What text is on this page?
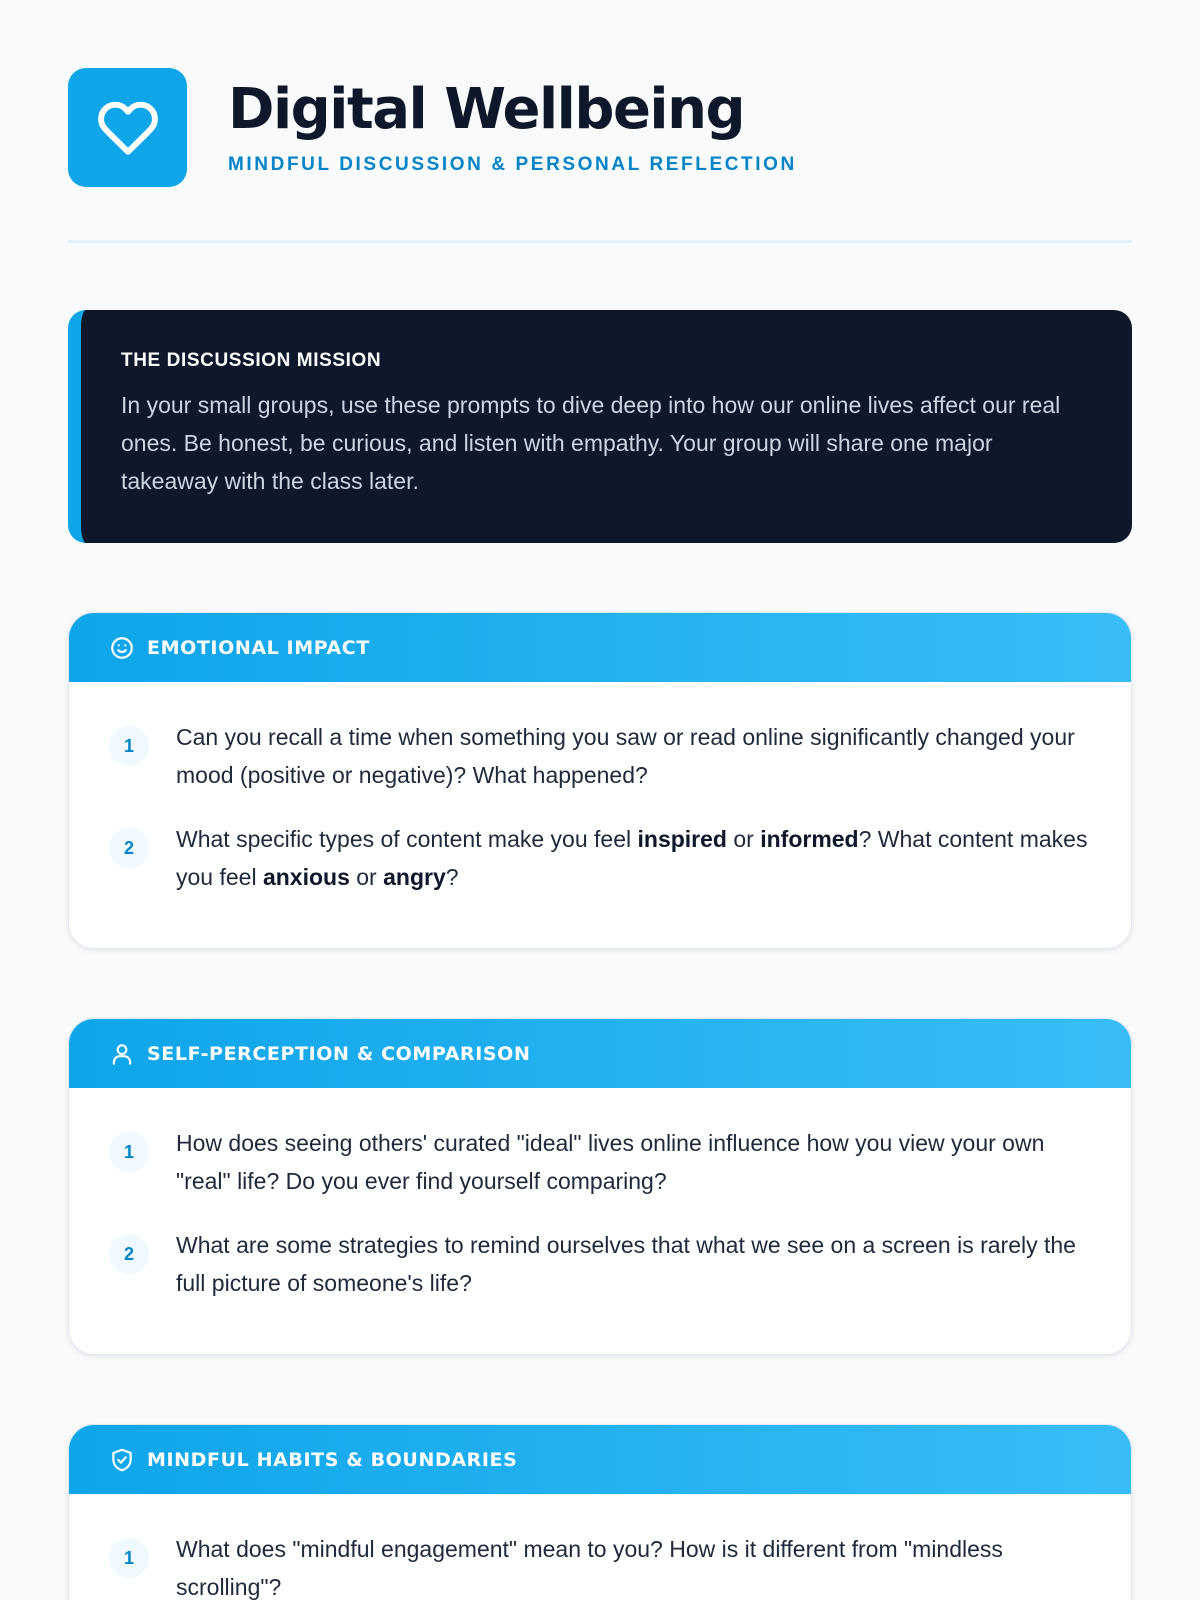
Digital Wellbeing
MINDFUL DISCUSSION & PERSONAL REFLECTION
THE DISCUSSION MISSION
In your small groups, use these prompts to dive deep into how our online lives affect our real ones. Be honest, be curious, and listen with empathy. Your group will share one major takeaway with the class later.
EMOTIONAL IMPACT
1	Can you recall a time when something you saw or read online significantly changed your mood (positive or negative)? What happened?
2	What specific types of content make you feel inspired or informed? What content makes you feel anxious or angry?
SELF-PERCEPTION & COMPARISON
1	How does seeing others' curated "ideal" lives online influence how you view your own "real" life? Do you ever find yourself comparing?
2	What are some strategies to remind ourselves that what we see on a screen is rarely the full picture of someone's life?
MINDFUL HABITS & BOUNDARIES
1	What does "mindful engagement" mean to you? How is it different from "mindless scrolling"?
